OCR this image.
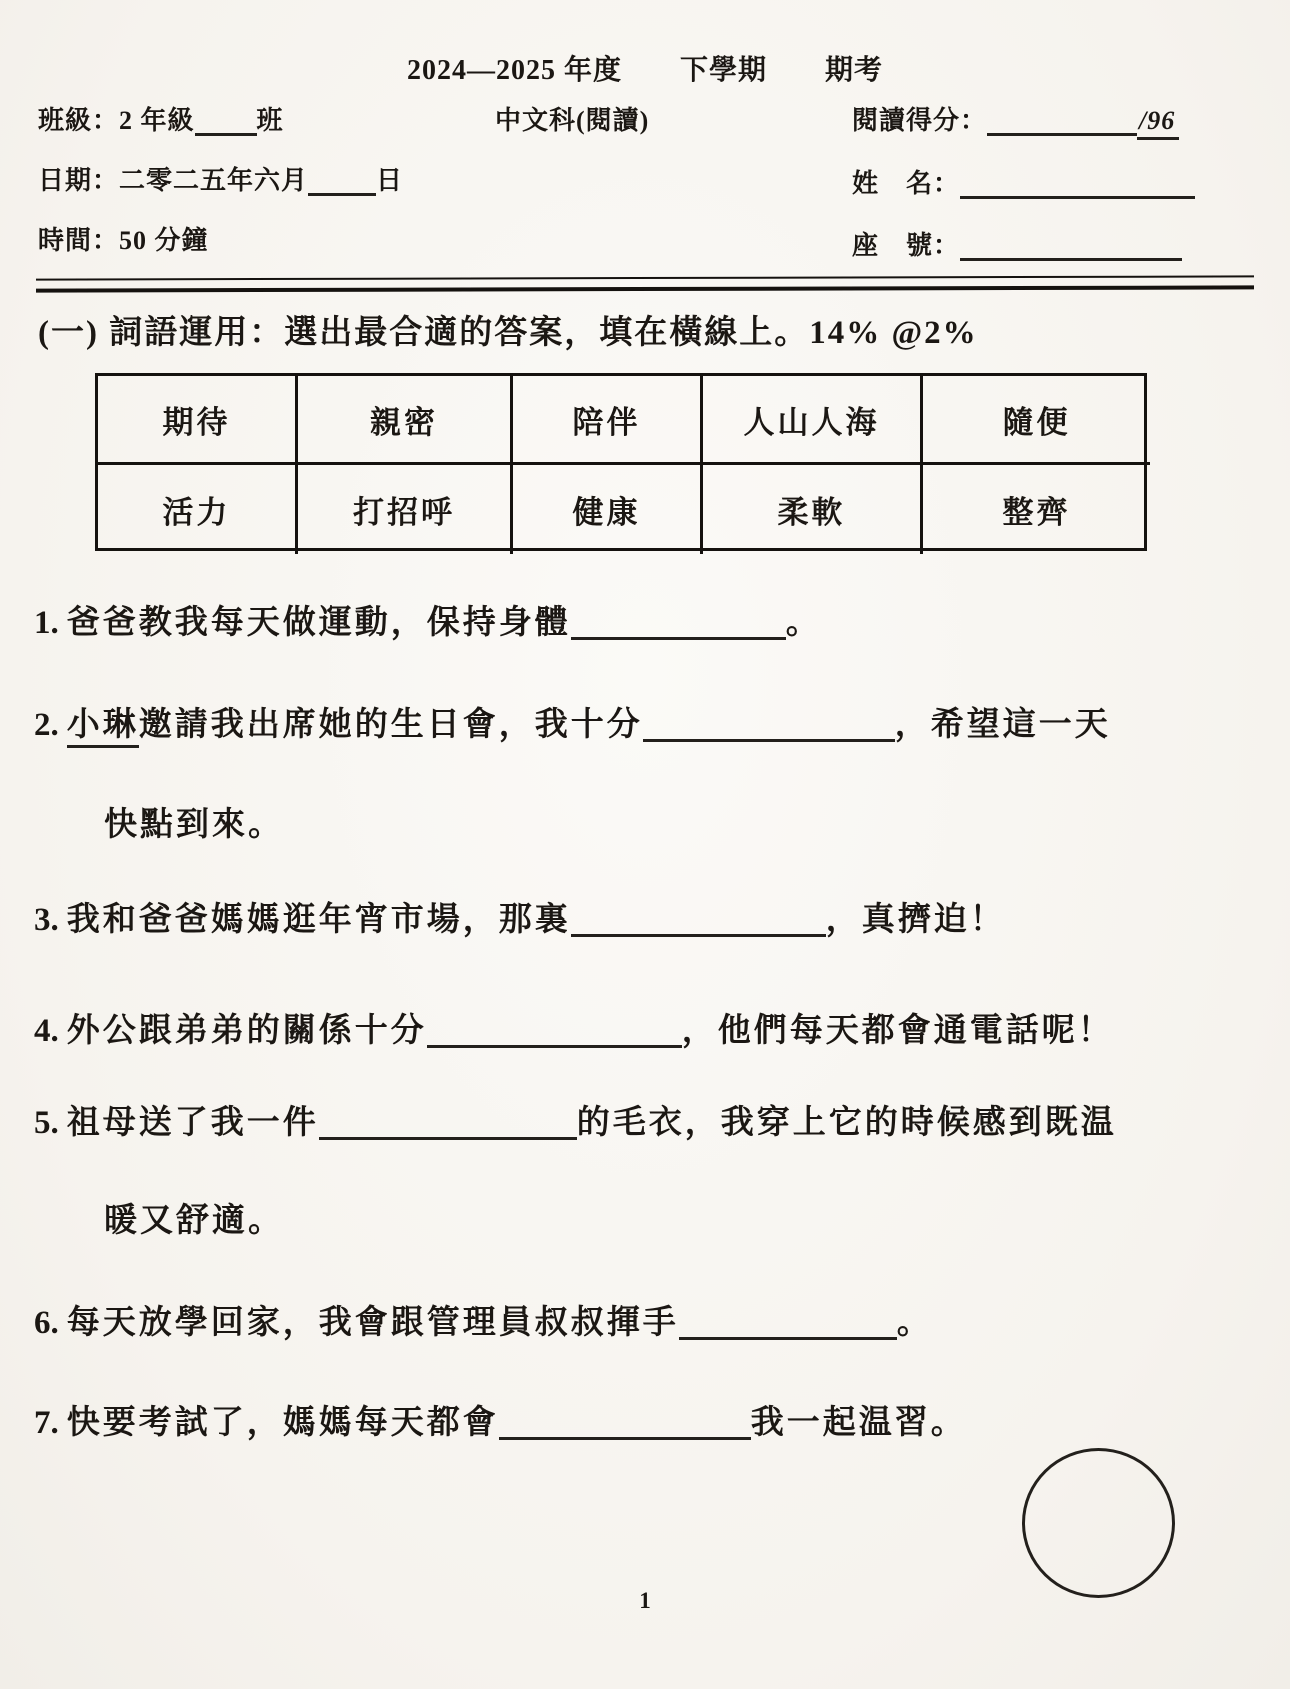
2024—2025 年度 下學期 期考
班級：2 年級 班	中文科(閱讀)	閱讀得分：	/96
日期：二零二五年六月	日	姓　名：
時間：50 分鐘	座　號：
(一) 詞語運用：選出最合適的答案，填在橫線上。14% @2%
期待	親密	陪伴	人山人海	隨便
活力	打招呼	健康	柔軟	整齊
1. 爸爸教我每天做運動，保持身體	。
2. 小琳邀請我出席她的生日會，我十分	，希望這一天
快點到來。
3. 我和爸爸媽媽逛年宵市場，那裏	，真擠迫！
4. 外公跟弟弟的關係十分	，他們每天都會通電話呢！
5. 祖母送了我一件	的毛衣，我穿上它的時候感到既温
暖又舒適。
6. 每天放學回家，我會跟管理員叔叔揮手	。
7. 快要考試了，媽媽每天都會	我一起温習。
1
